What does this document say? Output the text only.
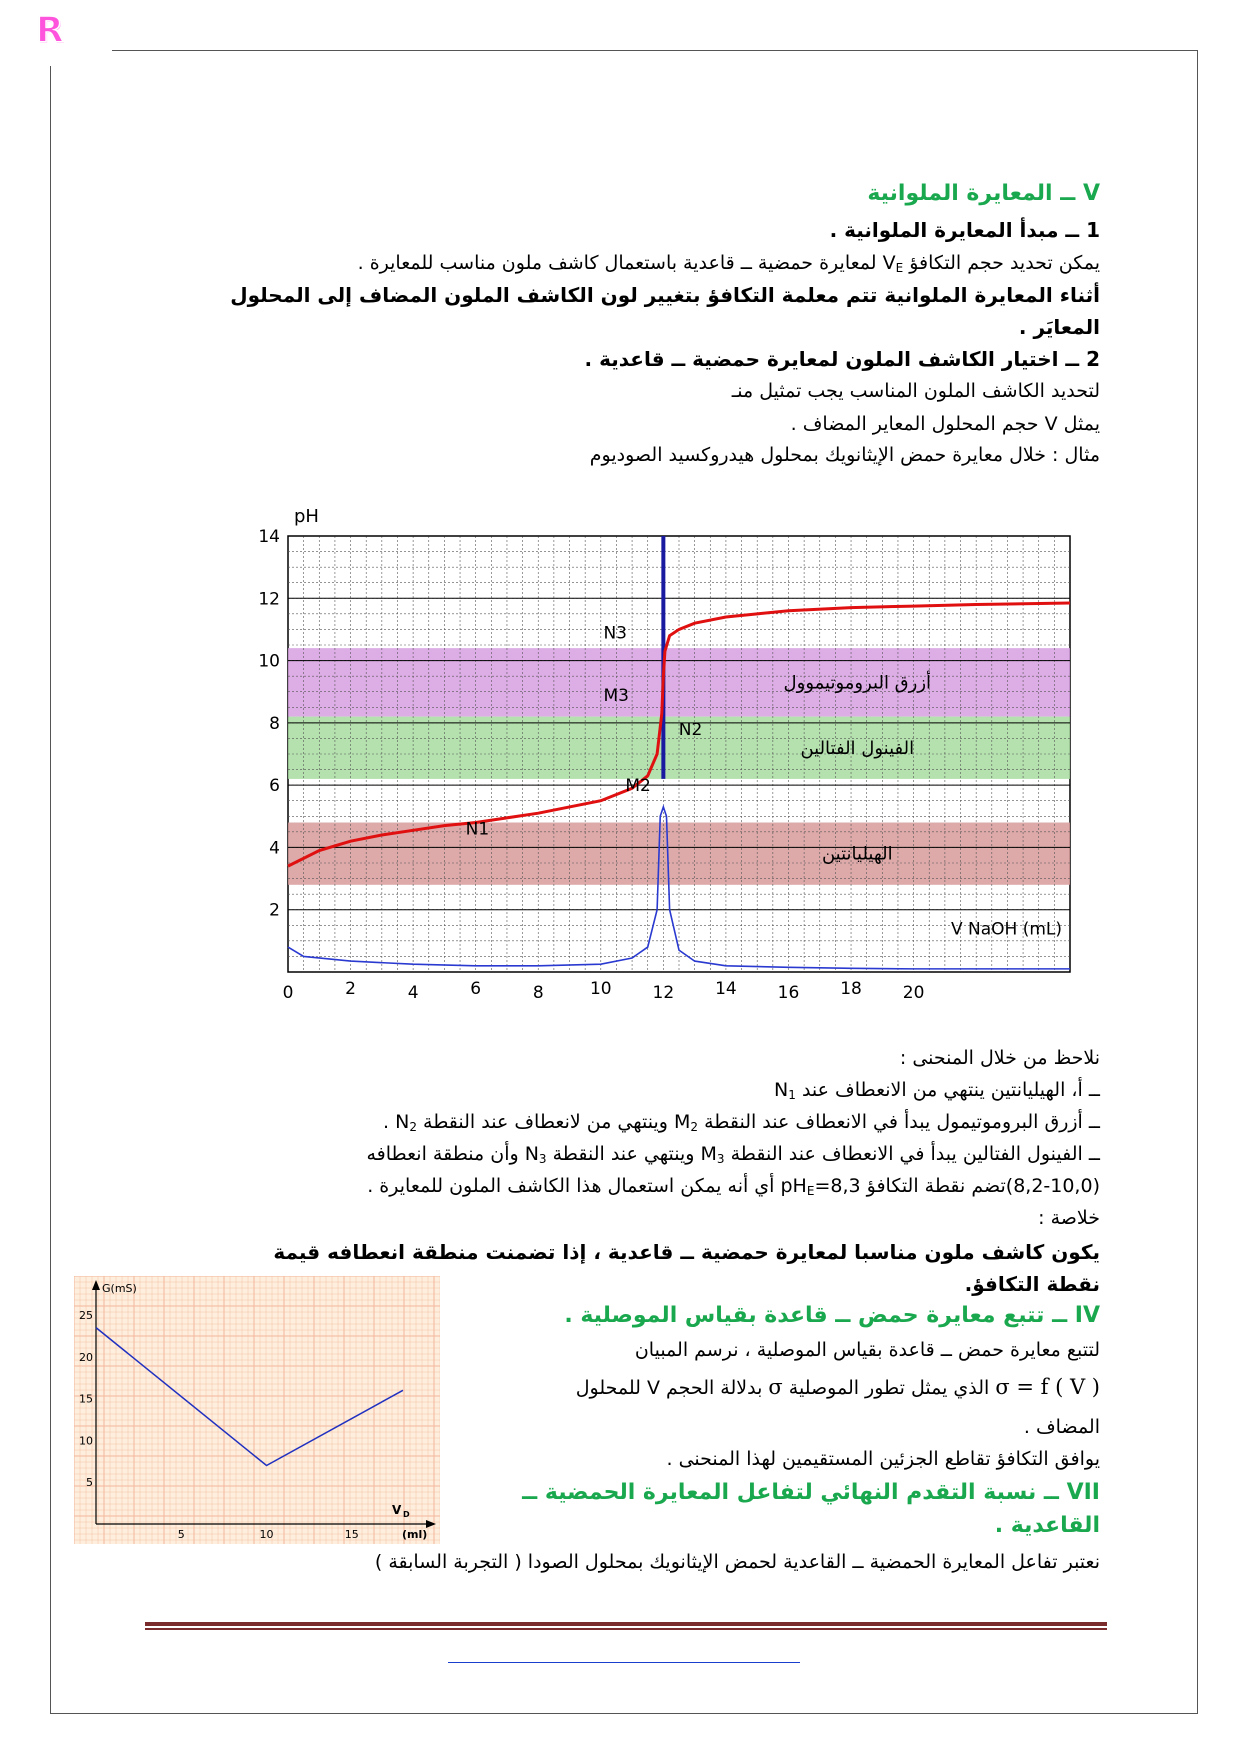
R
V ــ المعايرة الملوانية
1 ــ مبدأ المعايرة الملوانية .
يمكن تحديد حجم التكافؤ $V_E$ لمعايرة حمضية ــ قاعدية باستعمال كاشف ملون مناسب للمعايرة .
أثناء المعايرة الملوانية تتم معلمة التكافؤ بتغيير لون الكاشف الملون المضاف إلى المحلول
المعايَر .
2 ــ اختيار الكاشف الملون لمعايرة حمضية ــ قاعدية .
لتحديد الكاشف الملون المناسب يجب تمثيل منـ
يمثل V حجم المحلول المعاير المضاف .
مثال : خلال معايرة حمض الإيثانويك بمحلول هيدروكسيد الصوديوم
2
4
6
8
10
12
14
0	2	4	6	8	10 12 14 16 18 20
pH
V NaOH (mL)
أزرق البروموتيموول
الفينول الفتالين
الهيليانتين
N1
N2
N3
M2
M3
نلاحظ من خلال المنحنى :
ــ أ، الهيليانتين ينتهي من الانعطاف عند $N_1$
ــ أزرق البروموتيمول يبدأ في الانعطاف عند النقطة $M_2$ وينتهي من لانعطاف عند النقطة $N_2$ .
ــ الفينول الفتالين يبدأ في الانعطاف عند النقطة $M_3$ وينتهي عند النقطة $N_3$ وأن منطقة انعطافه
(8,2-10,0)تضم نقطة التكافؤ $pH_E=8,3$ أي أنه يمكن استعمال هذا الكاشف الملون للمعايرة .
خلاصة :
يكون كاشف ملون مناسبا لمعايرة حمضية ــ قاعدية ، إذا تضمنت منطقة انعطافه قيمة
نقطة التكافؤ.
5
10
15
20
25
5	10	15
G(mS)
V D
(ml)
IV ــ تتبع معايرة حمض ــ قاعدة بقياس الموصلية .
لتتبع معايرة حمض ــ قاعدة بقياس الموصلية ، نرسم المبيان
σ = f ( V ) الذي يمثل تطور الموصلية σ بدلالة الحجم V للمحلول
المضاف .
يوافق التكافؤ تقاطع الجزئين المستقيمين لهذا المنحنى .
VII ــ نسبة التقدم النهائي لتفاعل المعايرة الحمضية ــ
القاعدية .
نعتبر تفاعل المعايرة الحمضية ــ القاعدية لحمض الإيثانويك بمحلول الصودا ( التجربة السابقة )
